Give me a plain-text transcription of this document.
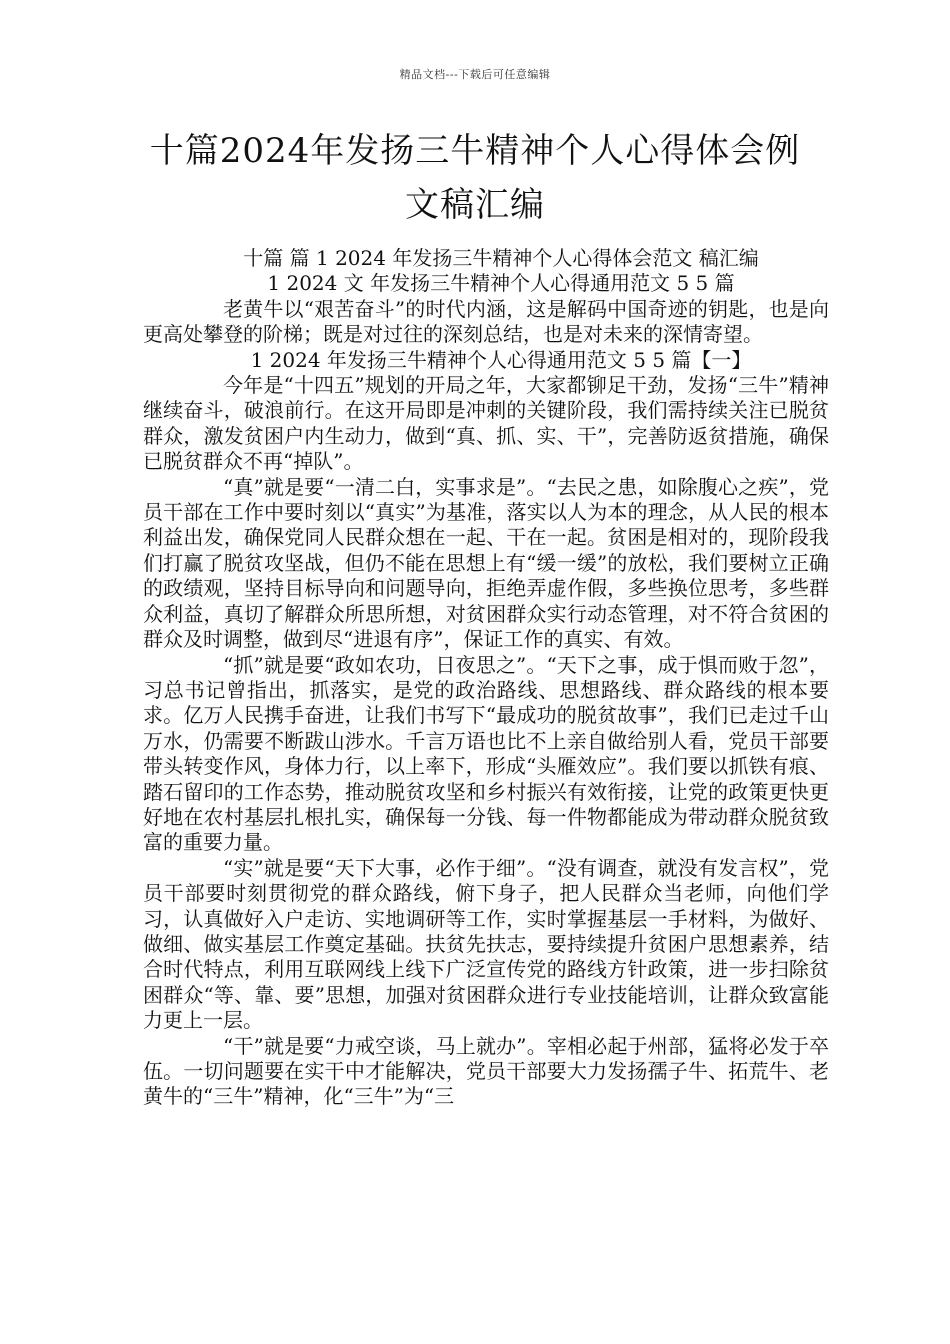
精品文档---下载后可任意编辑
十篇2024年发扬三牛精神个人心得体会例
文稿汇编

十篇 篇 1 2024 年发扬三牛精神个人心得体会范文 稿汇编

1 2024 文 年发扬三牛精神个人心得通用范文 5 5 篇

老黄牛以“艰苦奋斗”的时代内涵，这是解码中国奇迹的钥匙，也是向更高处攀登的阶梯；既是对过往的深刻总结，也是对未来的深情寄望。

1 2024 年发扬三牛精神个人心得通用范文 5 5 篇【一】

今年是“十四五”规划的开局之年，大家都铆足干劲，发扬“三牛”精神继续奋斗，破浪前行。在这开局即是冲刺的关键阶段，我们需持续关注已脱贫群众，激发贫困户内生动力，做到“真、抓、实、干”，完善防返贫措施，确保已脱贫群众不再“掉队”。

“真”就是要“一清二白，实事求是”。“去民之患，如除腹心之疾”，党员干部在工作中要时刻以“真实”为基准，落实以人为本的理念，从人民的根本利益出发，确保党同人民群众想在一起、干在一起。贫困是相对的，现阶段我们打赢了脱贫攻坚战，但仍不能在思想上有“缓一缓”的放松，我们要树立正确的政绩观，坚持目标导向和问题导向，拒绝弄虚作假，多些换位思考，多些群众利益，真切了解群众所思所想，对贫困群众实行动态管理，对不符合贫困的群众及时调整，做到尽“进退有序”，保证工作的真实、有效。

“抓”就是要“政如农功，日夜思之”。“天下之事，成于惧而败于忽”，习总书记曾指出，抓落实，是党的政治路线、思想路线、群众路线的根本要求。亿万人民携手奋进，让我们书写下“最成功的脱贫故事”，我们已走过千山万水，仍需要不断跋山涉水。千言万语也比不上亲自做给别人看，党员干部要带头转变作风，身体力行，以上率下，形成“头雁效应”。我们要以抓铁有痕、踏石留印的工作态势，推动脱贫攻坚和乡村振兴有效衔接，让党的政策更快更好地在农村基层扎根扎实，确保每一分钱、每一件物都能成为带动群众脱贫致富的重要力量。

“实”就是要“天下大事，必作于细”。“没有调查，就没有发言权”，党员干部要时刻贯彻党的群众路线，俯下身子，把人民群众当老师，向他们学习，认真做好入户走访、实地调研等工作，实时掌握基层一手材料，为做好、做细、做实基层工作奠定基础。扶贫先扶志，要持续提升贫困户思想素养，结合时代特点，利用互联网线上线下广泛宣传党的路线方针政策，进一步扫除贫困群众“等、靠、要”思想，加强对贫困群众进行专业技能培训，让群众致富能力更上一层。

“干”就是要“力戒空谈，马上就办”。宰相必起于州部，猛将必发于卒伍。一切问题要在实干中才能解决，党员干部要大力发扬孺子牛、拓荒牛、老黄牛的“三牛”精神，化“三牛”为“三
